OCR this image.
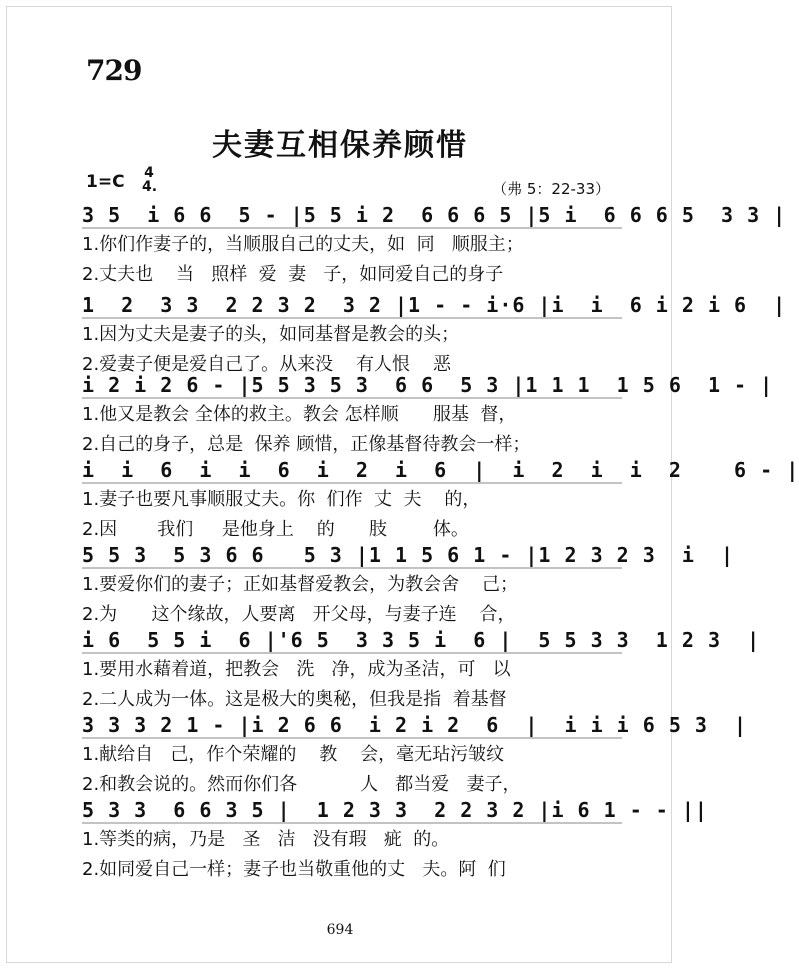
729
夫妻互相保养顾惜
1=C 4
4.	（弗 5：22-33）
3 5  i 6 6  5 - |5 5 i 2  6 6 6 5 |5 i  6 6 6 5  3 3 |
1.你们作妻子的，当顺服自己的丈夫，如  同   顺服主；
2.丈夫也    当   照样  爱  妻   子，如同爱自己的身子
1  2  3 3  2 2 3 2  3 2 |1 - - i·6 |i  i  6 i 2 i 6  |
1.因为丈夫是妻子的头，如同基督是教会的头；
2.爱妻子便是爱自己了。从来没    有人恨    恶
i 2 i 2 6 - |5 5 3 5 3  6 6  5 3 |1 1 1  1 5 6  1 - |
1.他又是教会 全体的救主。教会 怎样顺      服基  督，
2.自己的身子，总是  保养 顾惜，正像基督待教会一样；
i  i  6  i  i  6  i  2  i  6  |  i  2  i  i  2    6 - |
1.妻子也要凡事顺服丈夫。你  们作  丈  夫    的，
2.因       我们     是他身上    的      肢        体。
5 5 3  5 3 6 6   5 3 |1 1 5 6 1 - |1 2 3 2 3  i  |
1.要爱你们的妻子；正如基督爱教会，为教会舍    己；
2.为      这个缘故，人要离   开父母，与妻子连    合，
i 6  5 5 i  6 |'6 5  3 3 5 i  6 |  5 5 3 3  1 2 3  |
1.要用水藉着道，把教会   洗   净，成为圣洁，可   以
2.二人成为一体。这是极大的奥秘，但我是指  着基督
3 3 3 2 1 - |i 2 6 6  i 2 i 2  6  |  i i i 6 5 3  |
1.献给自   己，作个荣耀的    教    会，毫无玷污皱纹
2.和教会说的。然而你们各           人   都当爱   妻子，
5 3 3  6 6 3 5 |  1 2 3 3  2 2 3 2 |i 6 1 - - ||
1.等类的病，乃是   圣   洁   没有瑕   疵  的。
2.如同爱自己一样；妻子也当敬重他的丈   夫。阿  们
694
